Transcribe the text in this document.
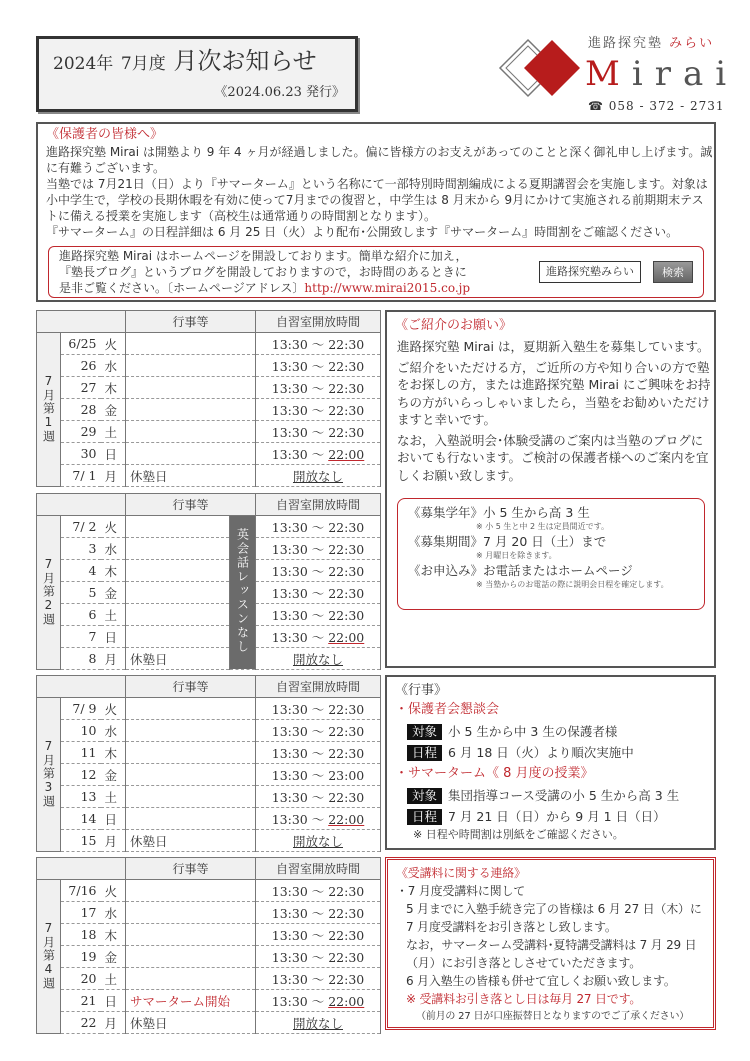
2024年 7月度 月次お知らせ
《2024.06.23 発行》
進路探究塾 みらい
Mirai
☎ 058 - 372 - 2731
《保護者の皆様へ》
進路探究塾 Mirai は開塾より 9 年 4 ヶ月が経過しました。偏に皆様方のお支えがあってのことと深く御礼申し上げます。誠に有難うございます。
当塾では 7月21日（日）より『サマーターム』という名称にて一部特別時間割編成による夏期講習会を実施します。対象は小中学生で，学校の長期休暇を有効に使って7月までの復習と，中学生は 8 月末から 9月にかけて実施される前期期末テストに備える授業を実施します（高校生は通常通りの時間割となります）。
『サマーターム』の日程詳細は 6 月 25 日（火）より配布･公開致します『サマーターム』時間割をご確認ください。
進路探究塾 Mirai はホームページを開設しております。簡単な紹介に加え，
『塾長ブログ』というブログを開設しておりますので，お時間のあるときに
是非ご覧ください。〔ホームページアドレス〕http://www.mirai2015.co.jp
進路探究塾みらい	検索
			行事等	自習室開放時間
7月第1週	6/25	火		13:30 〜 22:30
	26	水		13:30 〜 22:30
	27	木		13:30 〜 22:30
	28	金		13:30 〜 22:30
	29	土		13:30 〜 22:30
	30	日		13:30 〜 22:00
	7/ 1	月	休塾日	開放なし
			行事等		自習室開放時間
7月第2週	7/ 2	火		英会話レッスンなし	13:30 〜 22:30
	3	水			13:30 〜 22:30
	4	木			13:30 〜 22:30
	5	金			13:30 〜 22:30
	6	土			13:30 〜 22:30
	7	日			13:30 〜 22:00
	8	月	休塾日		開放なし
			行事等	自習室開放時間
7月第3週	7/ 9	火		13:30 〜 22:30
	10	水		13:30 〜 22:30
	11	木		13:30 〜 22:30
	12	金		13:30 〜 23:00
	13	土		13:30 〜 22:30
	14	日		13:30 〜 22:00
	15	月	休塾日	開放なし
			行事等	自習室開放時間
7月第4週	7/16	火		13:30 〜 22:30
	17	水		13:30 〜 22:30
	18	木		13:30 〜 22:30
	19	金		13:30 〜 22:30
	20	土		13:30 〜 22:30
	21	日	サマーターム開始	13:30 〜 22:00
	22	月	休塾日	開放なし
《ご紹介のお願い》
進路探究塾 Mirai は，夏期新入塾生を募集しています。
ご紹介をいただける方，ご近所の方や知り合いの方で塾をお探しの方，または進路探究塾 Mirai にご興味をお持ちの方がいらっしゃいましたら，当塾をお勧めいただけますと幸いです。
なお，入塾説明会･体験受講のご案内は当塾のブログにおいても行ないます。ご検討の保護者様へのご案内を宜しくお願い致します。
《募集学年》小 5 生から高 3 生
※ 小 5 生と中 2 生は定員間近です。
《募集期間》7 月 20 日（土）まで
※ 月曜日を除きます。
《お申込み》お電話またはホームページ
※ 当塾からのお電話の際に説明会日程を確定します。
《行事》
・保護者会懇談会
対象 小 5 生から中 3 生の保護者様
日程 6 月 18 日（火）より順次実施中
・サマーターム《 8 月度の授業》
対象 集団指導コース受講の小 5 生から高 3 生
日程 7 月 21 日（日）から 9 月 1 日（日）
※ 日程や時間割は別紙をご確認ください。
《受講料に関する連絡》
・7 月度受講料に関して
5 月までに入塾手続き完了の皆様は 6 月 27 日（木）に
7 月度受講料をお引き落とし致します。
なお，サマーターム受講料･夏特講受講料は 7 月 29 日
（月）にお引き落としさせていただきます。
6 月入塾生の皆様も併せて宜しくお願い致します。
※ 受講料お引き落とし日は毎月 27 日です。
（前月の 27 日が口座振替日となりますのでご了承ください）
